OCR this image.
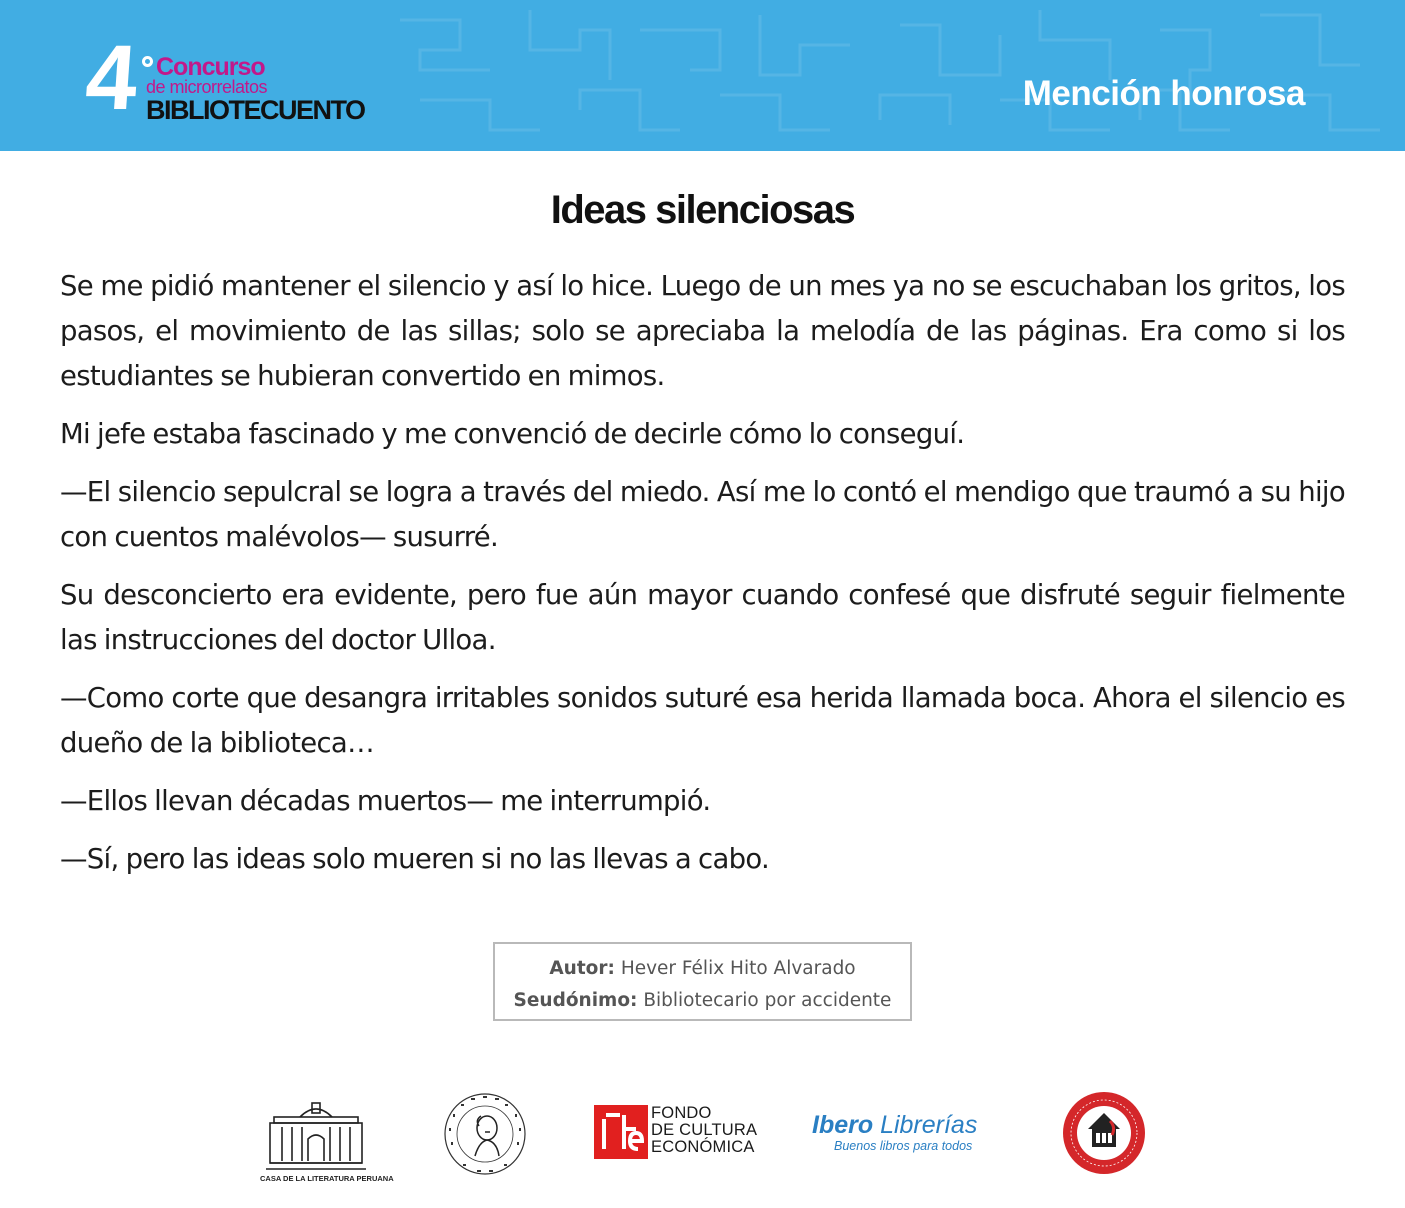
4 Concurso
de microrrelatos
BIBLIOTECUENTO	Mención honrosa
Ideas silenciosas

Se me pidió mantener el silencio y así lo hice. Luego de un mes ya no se escuchaban los gritos, los pasos, el movimiento de las sillas; solo se apreciaba la melodía de las páginas. Era como si los estudiantes se hubieran convertido en mimos.

Mi jefe estaba fascinado y me convenció de decirle cómo lo conseguí.

—El silencio sepulcral se logra a través del miedo. Así me lo contó el mendigo que traumó a su hijo con cuentos malévolos— susurré.

Su desconcierto era evidente, pero fue aún mayor cuando confesé que disfruté seguir fielmente las instrucciones del doctor Ulloa.

—Como corte que desangra irritables sonidos suturé esa herida llamada boca. Ahora el silencio es dueño de la biblioteca…

—Ellos llevan décadas muertos— me interrumpió.

—Sí, pero las ideas solo mueren si no las llevas a cabo.

Autor: Hever Félix Hito Alvarado
Seudónimo: Bibliotecario por accidente
CASA DE LA LITERATURA PERUANA
FONDO
DE CULTURA
ECONÓMICA
Ibero Librerías
Buenos libros para todos
